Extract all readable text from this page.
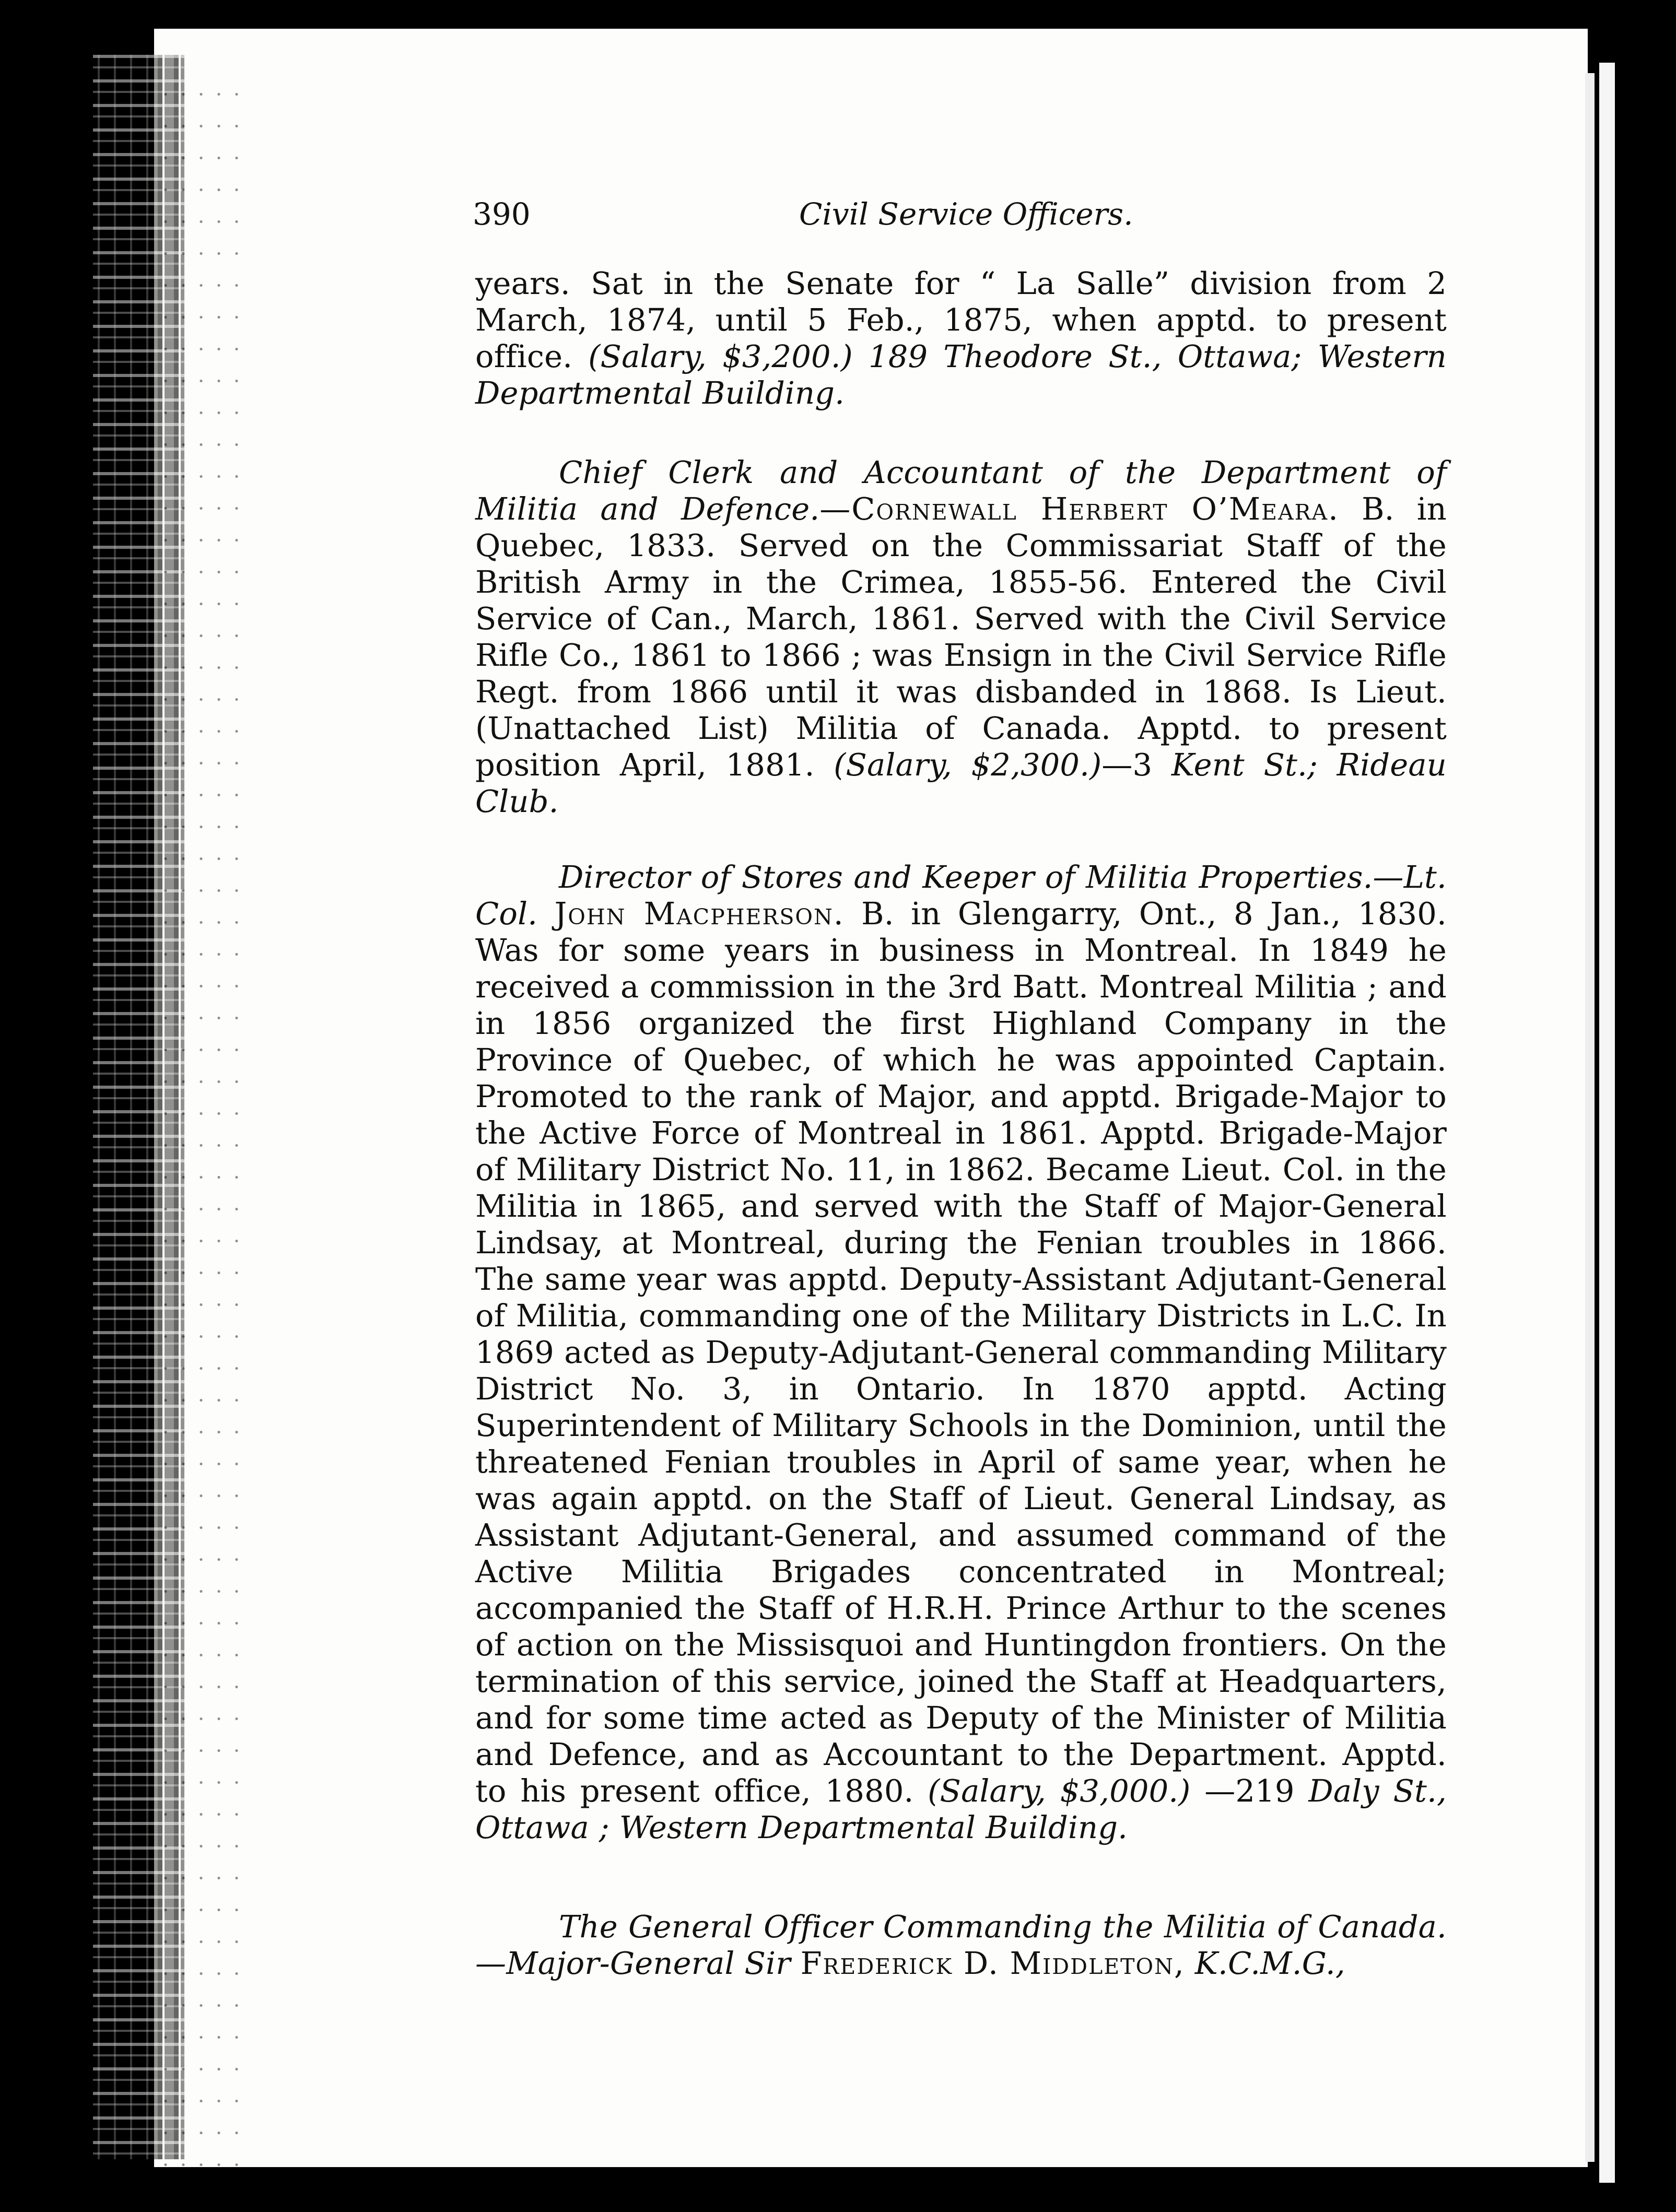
390	Civil Service Officers.

years. Sat in the Senate for “ La Salle” division from 2 March, 1874, until 5 Feb., 1875, when apptd. to present office. (Salary, $3,200.) 189 Theodore St., Ottawa; Western Departmental Building.

Chief Clerk and Accountant of the Department of Militia and Defence.—Cornewall Herbert O’Meara. B. in Quebec, 1833. Served on the Commissariat Staff of the British Army in the Crimea, 1855-56. Entered the Civil Service of Can., March, 1861. Served with the Civil Service Rifle Co., 1861 to 1866 ; was Ensign in the Civil Service Rifle Regt. from 1866 until it was disbanded in 1868. Is Lieut. (Unattached List) Militia of Canada. Apptd. to present position April, 1881. (Salary, $2,300.)—3 Kent St.; Rideau Club.

Director of Stores and Keeper of Militia Properties.—Lt. Col. John Macpherson. B. in Glengarry, Ont., 8 Jan., 1830. Was for some years in business in Montreal. In 1849 he received a commission in the 3rd Batt. Montreal Militia ; and in 1856 organized the first Highland Company in the Province of Quebec, of which he was appointed Captain. Promoted to the rank of Major, and apptd. Brigade-Major to the Active Force of Montreal in 1861. Apptd. Brigade-Major of Military District No. 11, in 1862. Became Lieut. Col. in the Militia in 1865, and served with the Staff of Major-General Lindsay, at Montreal, during the Fenian troubles in 1866. The same year was apptd. Deputy-Assistant Adjutant-General of Militia, commanding one of the Military Districts in L.C. In 1869 acted as Deputy-Adjutant-General commanding Military District No. 3, in Ontario. In 1870 apptd. Acting Superintendent of Military Schools in the Dominion, until the threatened Fenian troubles in April of same year, when he was again apptd. on the Staff of Lieut. General Lindsay, as Assistant Adjutant-General, and assumed command of the Active Militia Brigades concentrated in Montreal; accompanied the Staff of H.R.H. Prince Arthur to the scenes of action on the Missisquoi and Huntingdon frontiers. On the termination of this service, joined the Staff at Headquarters, and for some time acted as Deputy of the Minister of Militia and Defence, and as Accountant to the Department. Apptd. to his present office, 1880. (Salary, $3,000.) —219 Daly St., Ottawa ; Western Departmental Building.

The General Officer Commanding the Militia of Canada. —Major-General Sir Frederick D. Middleton, K.C.M.G.,
